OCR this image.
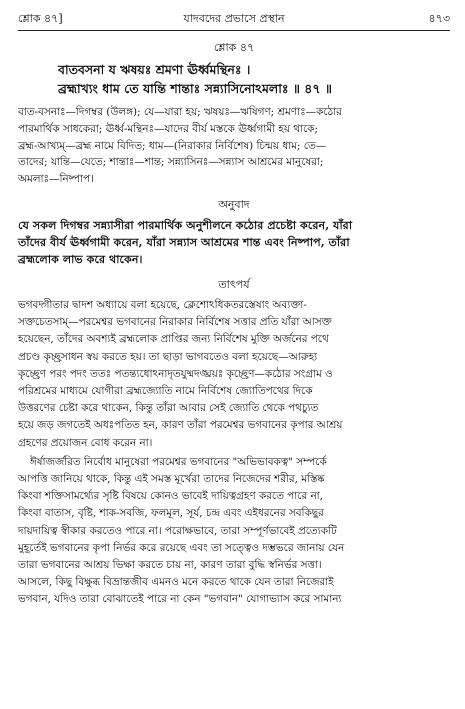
শ্লোক ৪৭]	যাদবদের প্রভাসে প্রস্থান	৪৭৩
শ্লোক ৪৭
বাতবসনা য ঋষয়ঃ শ্রমণা ঊর্ধ্বমন্থিনঃ ।
ব্রহ্মাখ্যং ধাম তে যান্তি শান্তাঃ সন্ন্যাসিনোঽমলাঃ ॥ ৪৭ ॥
বাত-বসনাঃ—দিগম্বর (উলঙ্গ); যে—যারা হয়; ঋষয়ঃ—ঋষিগণ; শ্রমণাঃ—কঠোর
পারমার্থিক সাধকেরা; ঊর্ধ্ব-মন্থিনঃ—যাদের বীর্য মস্তকে ঊর্ধ্বগামী হয় থাকে;
ব্রহ্ম-আখ্যম্—ব্রহ্ম নামে বিদিত; ধাম—(নিরাকার নির্বিশেষ) চিন্ময় ধাম; তে—
তাদের; যান্তি—যেতে; শান্তাঃ—শান্ত; সন্ন্যাসিনঃ—সন্ন্যাস আশ্রমের মানুষেরা;
অমলাঃ—নিষ্পাপ।
অনুবাদ
যে সকল দিগম্বর সন্ন্যাসীরা পারমার্থিক অনুশীলনে কঠোর প্রচেষ্টা করেন, যাঁরা
তাঁদের বীর্য ঊর্ধ্বগামী করেন, যাঁরা সন্ন্যাস আশ্রমের শান্ত এবং নিষ্পাপ, তাঁরা
ব্রহ্মলোক লাভ করে থাকেন।
তাৎপর্য

ভগবদ্গীতার দ্বাদশ অধ্যায়ে বলা হয়েছে, ক্লেশোঽধিকতরস্তেষাং অব্যক্তা-
সক্তচেতসাম্—পরমেশ্বর ভগবানের নিরাকার নির্বিশেষ সত্তার প্রতি যাঁরা আসক্ত
হয়েছেন, তাঁদের অবশ্যই ব্রহ্মলোক প্রাপ্তির জন্য নির্বিশেষ মুক্তি অর্জনের পথে
প্রচণ্ড কৃচ্ছ্রসাধন স্বয় করতে হয়। তা ছাড়া ভাগবতেও বলা হয়েছে—আরুহ্য
কৃচ্ছ্রেণ পরং পদং ততঃ পতন্ত্যধোঽনাদৃতযুষ্মদঙ্ঘ্রয়ঃ কৃচ্ছ্রেণ—কঠোর সংগ্রাম ও
পরিশ্রমের মাধ্যমে যোগীরা ব্রহ্মজ্যোতি নামে নির্বিশেষ জ্যোতিপথের দিকে
উত্তরণের চেষ্টা করে থাকেন, কিন্তু তাঁরা আবার সেই জ্যোতি থেকে পথচ্যুত
হয়ে জড় জগতেই অধঃপতিত হন, কারণ তাঁরা পরমেশ্বর ভগবানের কৃপার আশ্রয়
গ্রহণের প্রয়োজন বোধ করেন না।

ঈর্ষাজর্জরিত নির্বোধ মানুষেরা পরমেশ্বর ভগবানের "অভিভাবকত্ব" সম্পর্কে
আপত্তি জানিয়ে থাকে, কিন্তু এই সমস্ত মূর্খেরা তাদের নিজেদের শরীর, মস্তিষ্ক
কিংবা শক্তিসামর্থ্যের সৃষ্টি বিষয়ে কোনও ভাবেই দায়িত্বগ্রহণ করতে পারে না,
কিংবা বাতাস, বৃষ্টি, শাক-সবজি, ফলমূল, সূর্য, চন্দ্র এবং এইধরনের সবকিছুর
দায়দায়িত্ব স্বীকার করতেও পারে না। পরোক্ষভাবে, তারা সম্পূর্ণভাবেই প্রত্যেকটি
মুহূর্তেই ভগবানের কৃপা নির্ভর করে রয়েছে এবং তা সত্ত্বেও দম্ভভরে জানায় যেন
তারা ভগবানের আশ্রয় ভিক্ষা করতে চায় না, কারণ তারা বুদ্ধি স্বনির্ভর সত্তা।
আসলে, কিছু বিক্ষুব্ধ বিভ্রান্তজীব এমনও মনে করতে থাকে যেন তারা নিজেরাই
ভগবান, যদিও তারা বোঝাতেই পারে না কেন "ভগবান" যোগাভ্যাস করে সামান্য
